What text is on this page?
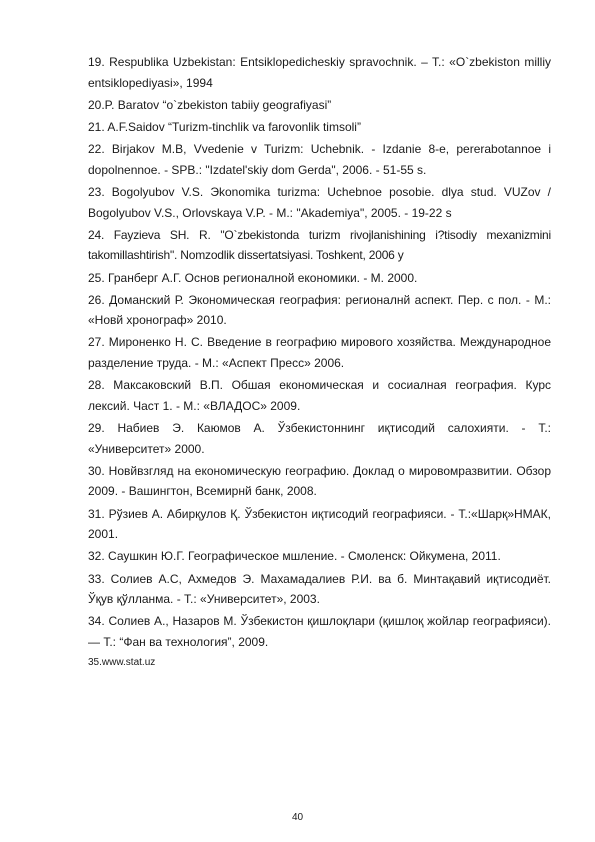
19. Respublika Uzbekistan: Entsiklopedicheskiy spravochnik. – T.: «O`zbekiston milliy entsiklopediyasi», 1994
20.P. Baratov “o`zbekiston tabiiy geografiyasi”
21. A.F.Saidov “Turizm-tinchlik va farovonlik timsoli”
22. Birjakov M.B, Vvedenie v Turizm: Uchebnik. - Izdanie 8-e, pererabotannoe i dopolnennoe. - SPB.: "Izdatel'skiy dom Gerda", 2006. - 51-55 s.
23. Bogolyubov V.S. Эkonomika turizma: Uchebnoe posobie. dlya stud. VUZov / Bogolyubov V.S., Orlovskaya V.P. - M.: "Akademiya", 2005. - 19-22 s
24. Fayzieva SH. R. "O`zbekistonda turizm rivojlanishining i?tisodiy mexanizmini takomillashtirish". Nomzodlik dissertatsiyasi. Toshkent, 2006 y
25. Гранберг А.Г. Основ регионалной економики. - М. 2000.
26. Доманский Р. Экономическая география: регионалнй аспект. Пер. с пол. - М.: «Новй хронограф» 2010.
27. Мироненко Н. С. Введение в географию мирового хозяйства. Международное разделение труда. - М.: «Аспект Пресс» 2006.
28. Максаковский В.П. Обшая економическая и сосиалная география. Курс лексий. Част 1. - М.: «ВЛАДОС» 2009.
29. Набиев Э. Каюмов А. Ўзбекистоннинг иқтисодий салохияти. - Т.: «Университет» 2000.
30. Новйвзгляд на економическую географию. Доклад о мировомразвитии. Обзор 2009. - Вашингтон, Всемирнй банк, 2008.
31. Рўзиев А. Абирқулов Қ. Ўзбекистон иқтисодий географияси. - Т.:«Шарқ»НМАК, 2001.
32. Саушкин Ю.Г. Географическое мшление. - Смоленск: Ойкумена, 2011.
33. Солиев А.С, Ахмедов Э. Махамадалиев Р.И. ва б. Минтақавий иқтисодиёт. Ўқув қўлланма. - Т.: «Университет», 2003.
34. Солиев А., Назаров М. Ўзбекистон қишлоқлари (қишлоқ жойлар географияси). — Т.: “Фан ва технология”, 2009.
35.www.stat.uz
40
